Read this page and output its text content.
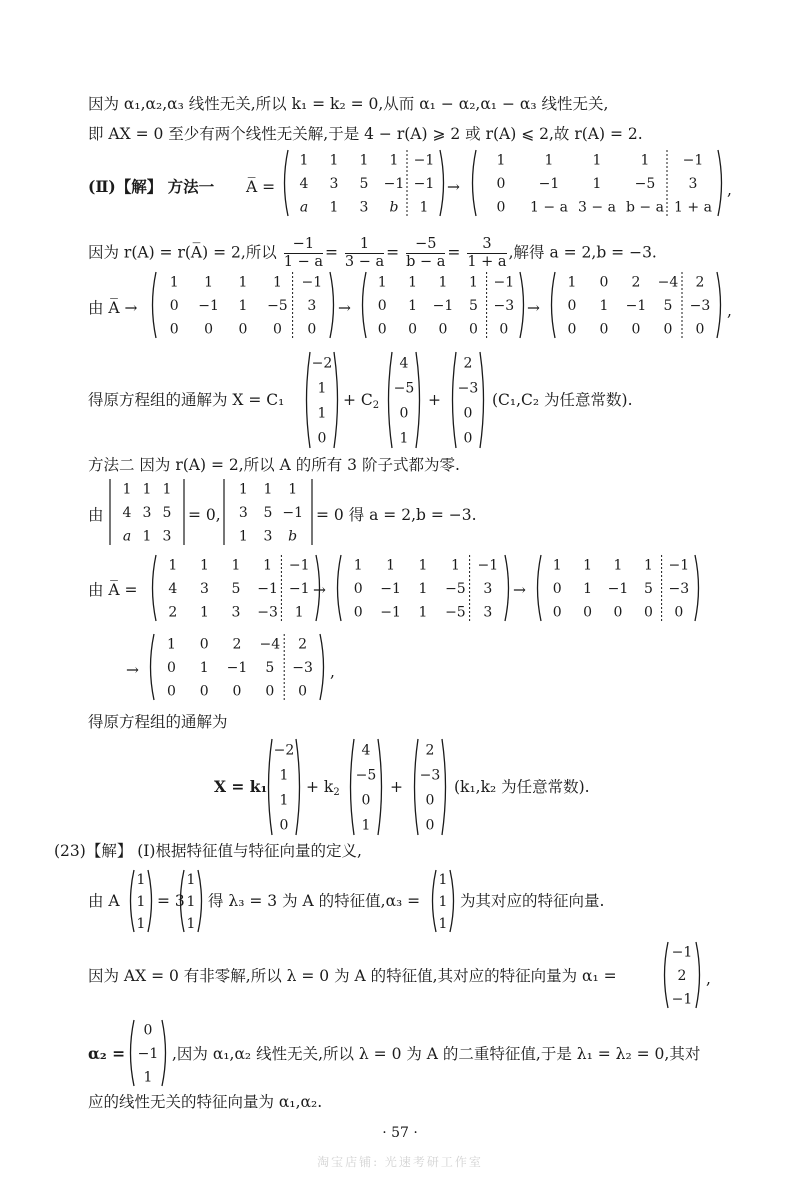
因为 α₁,α₂,α₃ 线性无关,所以 k₁ = k₂ = 0,从而 α₁ − α₂,α₁ − α₃ 线性无关,
即 AX = 0 至少有两个线性无关解,于是 4 − r(A) ⩾ 2 或 r(A) ⩽ 2,故 r(A) = 2.
(Ⅱ)【解】 方法一 A̅ =
1 1 1 1 −1
4 3 5 −1 −1
a 1 3 b 1
→
1	1	1	1 −1
0 −1 1 −5 3
0 1 − a 3 − a b − a 1 + a
,
因为 r(A) = r(A̅) = 2,所以 $\frac{-1}{1 - a} = \frac{1}{3 - a} = \frac{-5}{b - a} = \frac{3}{1 + a}$ ,解得 a = 2,b = −3.
由 A̅ →
1 1 1 1 −1
0 −1 1 −5 3
0 0 0 0 0
→
1 1 1 1 −1
0 1 −1 5 −3
0 0 0 0 0
→
1 0 2 −4 2
0 1 −1 5 −3
0 0 0 0 0
,
得原方程组的通解为 X = C₁
−2
1
1
0
+ $C_2$
4
−5
0
1
+
2
−3
0
0
(C₁,C₂ 为任意常数).
方法二 因为 r(A) = 2,所以 A 的所有 3 阶子式都为零.
由
1 1 1
4 3 5
a 1 3
= 0,
1 1 1
3 5 −1
1 3 b
= 0 得 a = 2,b = −3.
由 A̅ =
1 1 1 1 −1
4 3 5 −1 −1
2 1 3 −3 1
→
1 1 1 1 −1
0 −1 1 −5 3
0 −1 1 −5 3
→
1 1 1 1 −1
0 1 −1 5 −3
0 0 0 0 0
→
1 0 2 −4 2
0 1 −1 5 −3
0 0 0 0 0
,
得原方程组的通解为
X = k₁
−2
1
1
0
+ $k_2$
4
−5
0
1
+
2
−3
0
0
(k₁,k₂ 为任意常数).
(23)【解】 (Ⅰ)根据特征值与特征向量的定义,
由 A
1
1
1
= 3
1
1
1
得 λ₃ = 3 为 A 的特征值,α₃ =
1
1
1
为其对应的特征向量.
因为 AX = 0 有非零解,所以 λ = 0 为 A 的特征值,其对应的特征向量为 α₁ =
−1
2
−1
,
α₂ =
0
−1
1
,因为 α₁,α₂ 线性无关,所以 λ = 0 为 A 的二重特征值,于是 λ₁ = λ₂ = 0,其对
应的线性无关的特征向量为 α₁,α₂.
· 57 ·
淘宝店铺: 光速考研工作室
